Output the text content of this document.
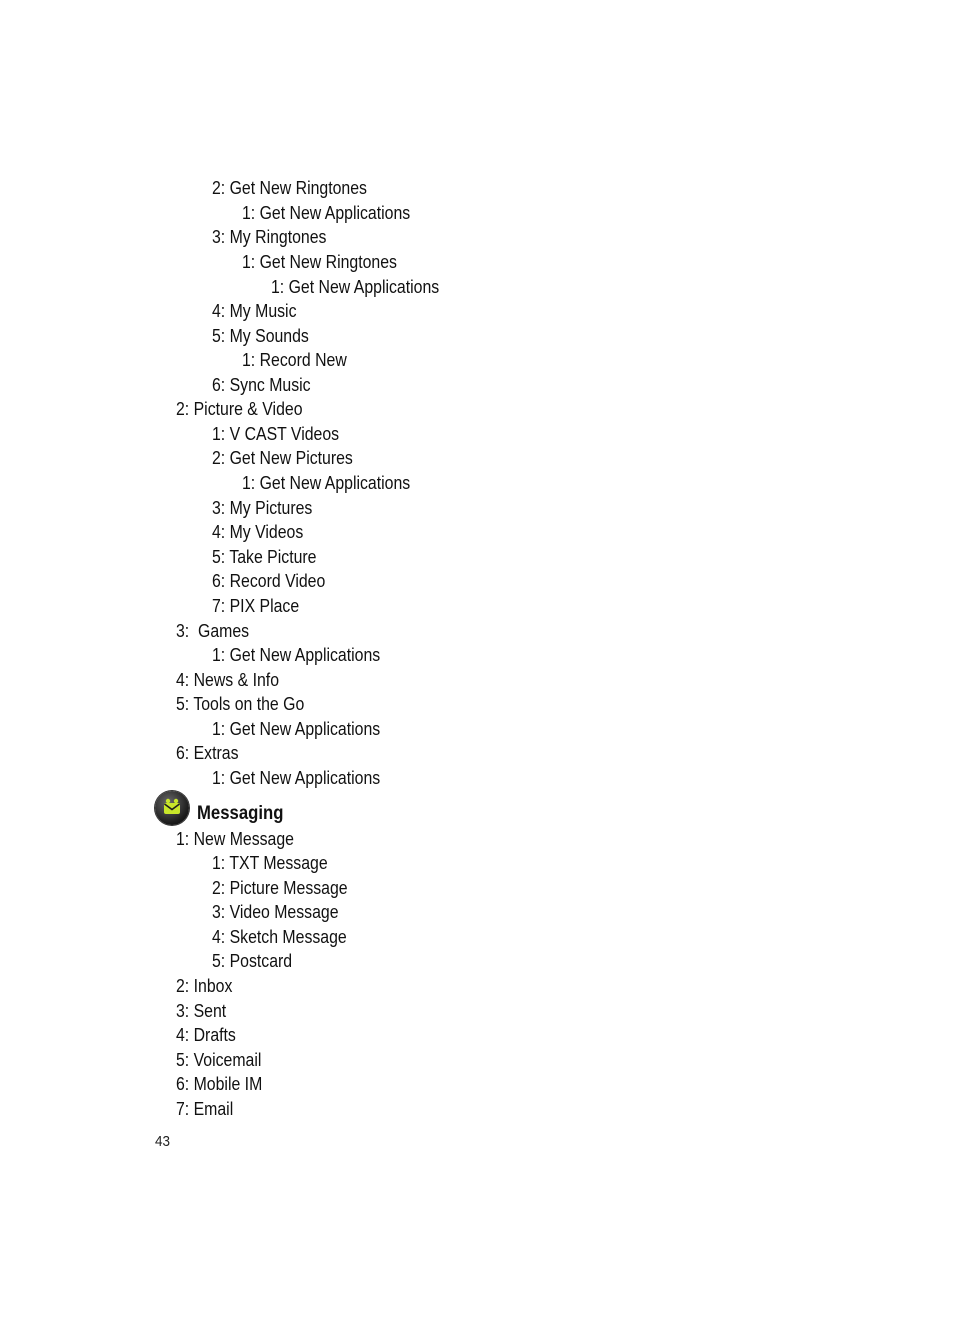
2: Get New Ringtones
1: Get New Applications
3: My Ringtones
1: Get New Ringtones
1: Get New Applications
4: My Music
5: My Sounds
1: Record New
6: Sync Music
2: Picture & Video
1: V CAST Videos
2: Get New Pictures
1: Get New Applications
3: My Pictures
4: My Videos
5: Take Picture
6: Record Video
7: PIX Place
3:  Games
1: Get New Applications
4: News & Info
5: Tools on the Go
1: Get New Applications
6: Extras
1: Get New Applications
Messaging
1: New Message
1: TXT Message
2: Picture Message
3: Video Message
4: Sketch Message
5: Postcard
2: Inbox
3: Sent
4: Drafts
5: Voicemail
6: Mobile IM
7: Email
43
